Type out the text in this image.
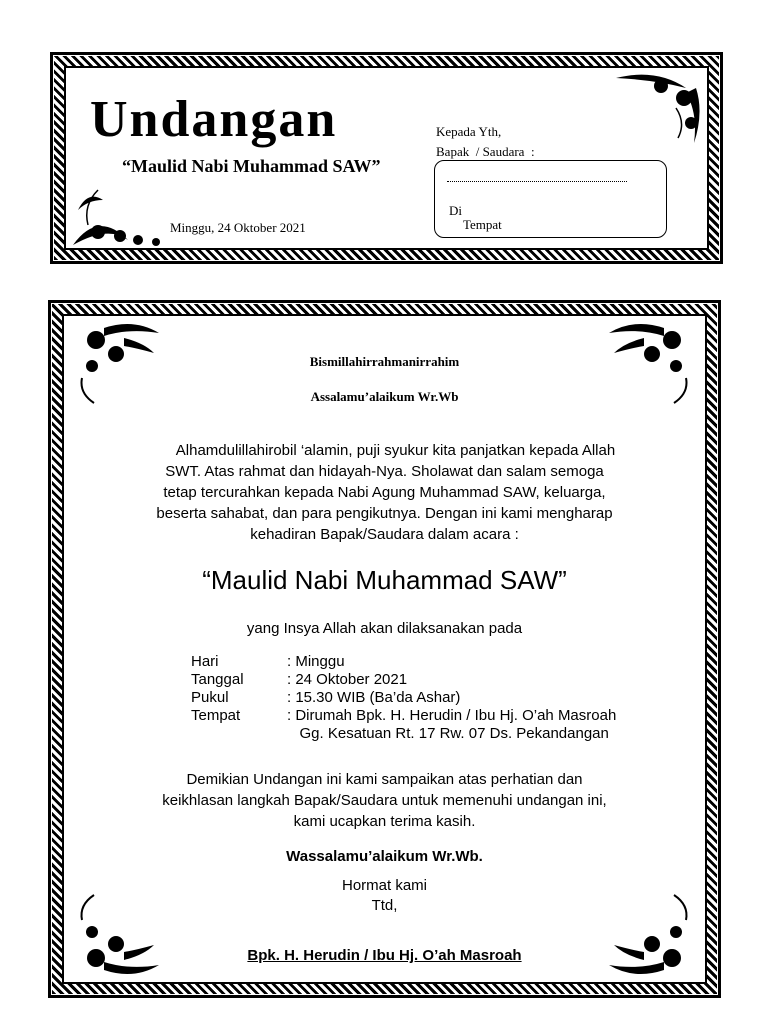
Undangan
“Maulid Nabi Muhammad SAW”
Minggu, 24 Oktober 2021
Kepada Yth,
Bapak  / Saudara  :
Di
Tempat
Bismillahirrahmanirrahim
Assalamu’alaikum Wr.Wb
Alhamdulillahirobil ‘alamin, puji syukur kita panjatkan kepada Allah
SWT. Atas rahmat dan hidayah-Nya. Sholawat dan salam semoga
tetap tercurahkan kepada Nabi Agung Muhammad SAW, keluarga,
beserta sahabat, dan para pengikutnya. Dengan ini kami mengharap
kehadiran Bapak/Saudara dalam acara :
“Maulid Nabi Muhammad SAW”
yang Insya Allah akan dilaksanakan pada
Hari	: Minggu
Tanggal	: 24 Oktober 2021
Pukul	: 15.30 WIB (Ba’da Ashar)
Tempat	: Dirumah Bpk. H. Herudin / Ibu Hj. O’ah Masroah
Gg. Kesatuan Rt. 17 Rw. 07 Ds. Pekandangan
Demikian Undangan ini kami sampaikan atas perhatian dan
keikhlasan langkah Bapak/Saudara untuk memenuhi undangan ini,
kami ucapkan terima kasih.
Wassalamu’alaikum Wr.Wb.
Hormat kami
Ttd,
Bpk. H. Herudin / Ibu Hj. O’ah Masroah
